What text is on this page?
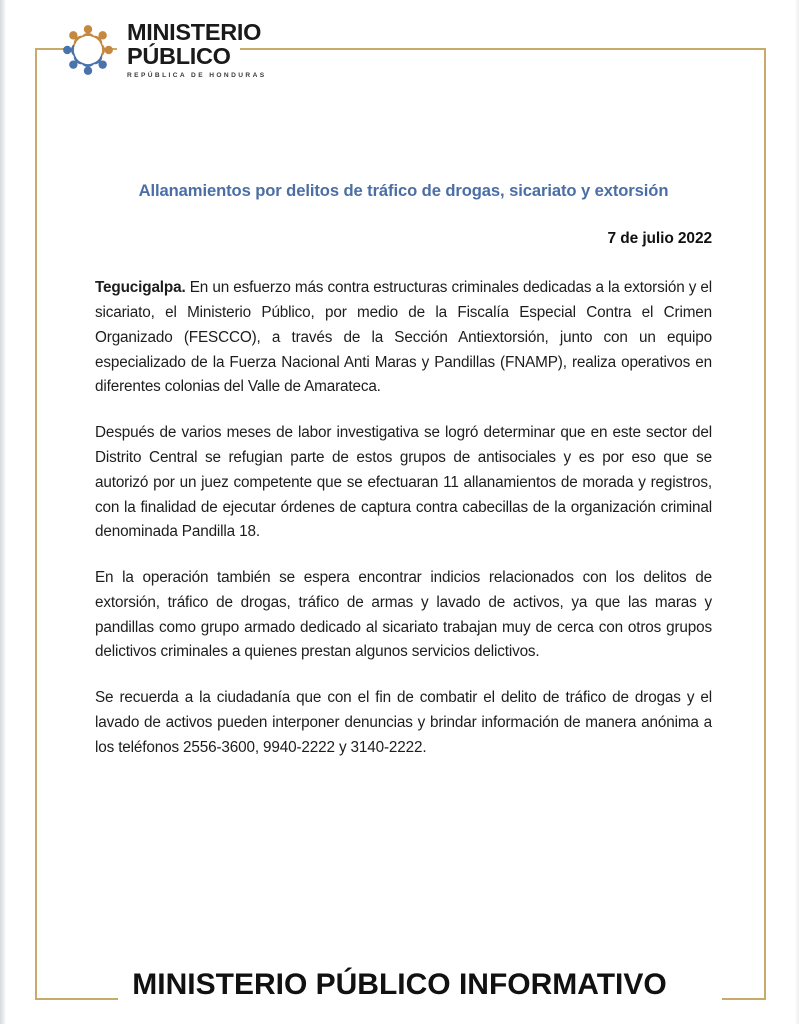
MINISTERIO
PÚBLICO
REPÚBLICA DE HONDURAS
Allanamientos por delitos de tráfico de drogas, sicariato y extorsión
7 de julio 2022

Tegucigalpa. En un esfuerzo más contra estructuras criminales dedicadas a la extorsión y el sicariato, el Ministerio Público, por medio de la Fiscalía Especial Contra el Crimen Organizado (FESCCO), a través de la Sección Antiextorsión, junto con un equipo especializado de la Fuerza Nacional Anti Maras y Pandillas (FNAMP), realiza operativos en diferentes colonias del Valle de Amarateca.

Después de varios meses de labor investigativa se logró determinar que en este sector del Distrito Central se refugian parte de estos grupos de antisociales y es por eso que se autorizó por un juez competente que se efectuaran 11 allanamientos de morada y registros, con la finalidad de ejecutar órdenes de captura contra cabecillas de la organización criminal denominada Pandilla 18.

En la operación también se espera encontrar indicios relacionados con los delitos de extorsión, tráfico de drogas, tráfico de armas y lavado de activos, ya que las maras y pandillas como grupo armado dedicado al sicariato trabajan muy de cerca con otros grupos delictivos criminales a quienes prestan algunos servicios delictivos.

Se recuerda a la ciudadanía que con el fin de combatir el delito de tráfico de drogas y el lavado de activos pueden interponer denuncias y brindar información de manera anónima a los teléfonos 2556-3600, 9940-2222 y 3140-2222.

MINISTERIO PÚBLICO INFORMATIVO
